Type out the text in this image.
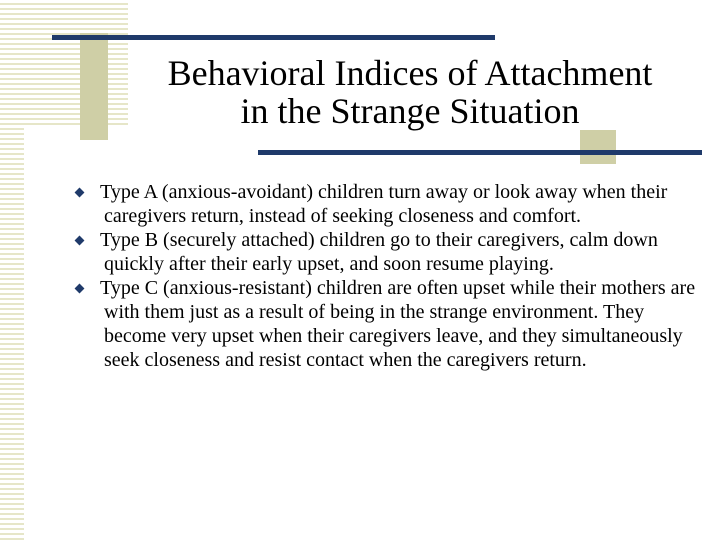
Behavioral Indices of Attachment
in the Strange Situation
Type A (anxious-avoidant) children turn away or look away when their caregivers return, instead of seeking closeness and comfort.
Type B (securely attached) children go to their caregivers, calm down quickly after their early upset, and soon resume playing.
Type C (anxious-resistant) children are often upset while their mothers are with them just as a result of being in the strange environment. They become very upset when their caregivers leave, and they simultaneously seek closeness and resist contact when the caregivers return.
